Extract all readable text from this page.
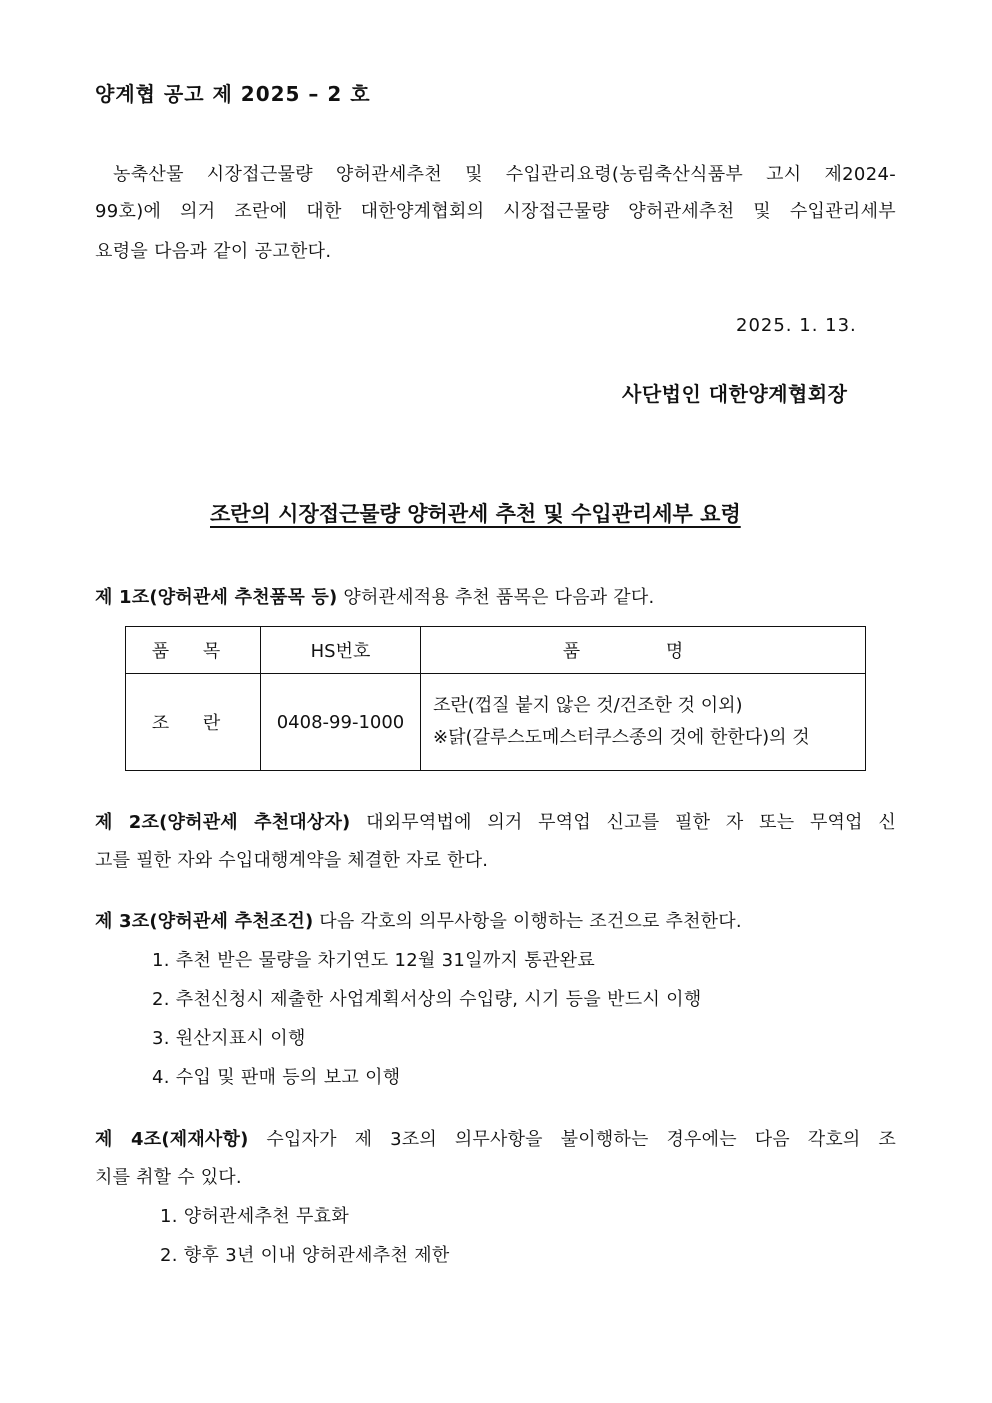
양계협 공고 제 2025 – 2 호
농축산물 시장접근물량 양허관세추천 및 수입관리요령(농림축산식품부 고시 제2024-
99호)에 의거 조란에 대한 대한양계협회의 시장접근물량 양허관세추천 및 수입관리세부
요령을 다음과 같이 공고한다.
2025. 1. 13.
사단법인 대한양계협회장
조란의 시장접근물량 양허관세 추천 및 수입관리세부 요령
제 1조(양허관세 추천품목 등) 양허관세적용 추천 품목은 다음과 같다.
품 목	HS번호	품 명
조 란	0408-99-1000	조란(껍질 붙지 않은 것/건조한 것 이외)
※닭(갈루스도메스터쿠스종의 것에 한한다)의 것
제 2조(양허관세 추천대상자) 대외무역법에 의거 무역업 신고를 필한 자 또는 무역업 신
고를 필한 자와 수입대행계약을 체결한 자로 한다.
제 3조(양허관세 추천조건) 다음 각호의 의무사항을 이행하는 조건으로 추천한다.
1. 추천 받은 물량을 차기연도 12월 31일까지 통관완료
2. 추천신청시 제출한 사업계획서상의 수입량, 시기 등을 반드시 이행
3. 원산지표시 이행
4. 수입 및 판매 등의 보고 이행
제 4조(제재사항) 수입자가 제 3조의 의무사항을 불이행하는 경우에는 다음 각호의 조
치를 취할 수 있다.
1. 양허관세추천 무효화
2. 향후 3년 이내 양허관세추천 제한
